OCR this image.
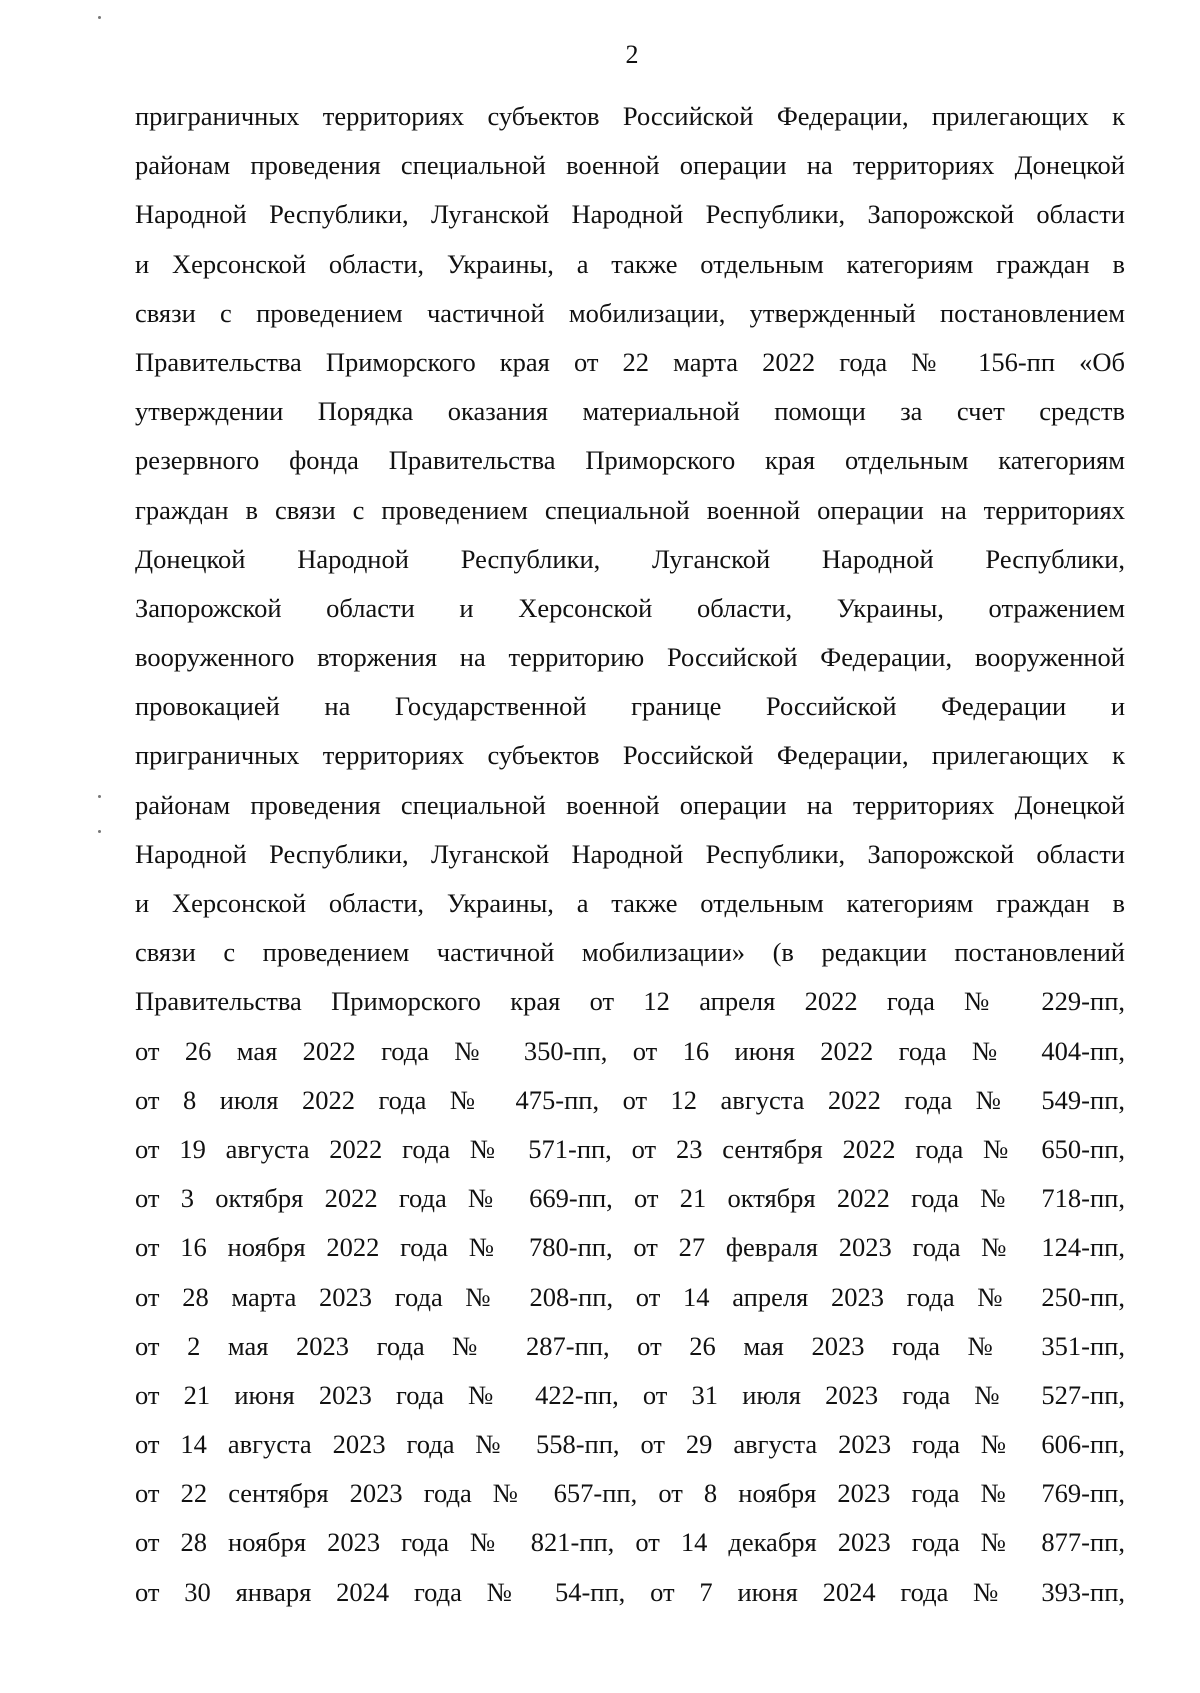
2
приграничных территориях субъектов Российской Федерации, прилегающих к
районам проведения специальной военной операции на территориях Донецкой
Народной Республики, Луганской Народной Республики, Запорожской области
и Херсонской области, Украины, а также отдельным категориям граждан в
связи с проведением частичной мобилизации, утвержденный постановлением
Правительства Приморского края от 22 марта 2022 года № 156-пп «Об
утверждении Порядка оказания материальной помощи за счет средств
резервного фонда Правительства Приморского края отдельным категориям
граждан в связи с проведением специальной военной операции на территориях
Донецкой Народной Республики, Луганской Народной Республики,
Запорожской области и Херсонской области, Украины, отражением
вооруженного вторжения на территорию Российской Федерации, вооруженной
провокацией на Государственной границе Российской Федерации и
приграничных территориях субъектов Российской Федерации, прилегающих к
районам проведения специальной военной операции на территориях Донецкой
Народной Республики, Луганской Народной Республики, Запорожской области
и Херсонской области, Украины, а также отдельным категориям граждан в
связи с проведением частичной мобилизации» (в редакции постановлений
Правительства Приморского края от 12 апреля 2022 года № 229-пп,
от 26 мая 2022 года № 350-пп, от 16 июня 2022 года № 404-пп,
от 8 июля 2022 года № 475-пп, от 12 августа 2022 года № 549-пп,
от 19 августа 2022 года № 571-пп, от 23 сентября 2022 года № 650-пп,
от 3 октября 2022 года № 669-пп, от 21 октября 2022 года № 718-пп,
от 16 ноября 2022 года № 780-пп, от 27 февраля 2023 года № 124-пп,
от 28 марта 2023 года № 208-пп, от 14 апреля 2023 года № 250-пп,
от 2 мая 2023 года № 287-пп, от 26 мая 2023 года № 351-пп,
от 21 июня 2023 года № 422-пп, от 31 июля 2023 года № 527-пп,
от 14 августа 2023 года № 558-пп, от 29 августа 2023 года № 606-пп,
от 22 сентября 2023 года № 657-пп, от 8 ноября 2023 года № 769-пп,
от 28 ноября 2023 года № 821-пп, от 14 декабря 2023 года № 877-пп,
от 30 января 2024 года № 54-пп, от 7 июня 2024 года № 393-пп,
